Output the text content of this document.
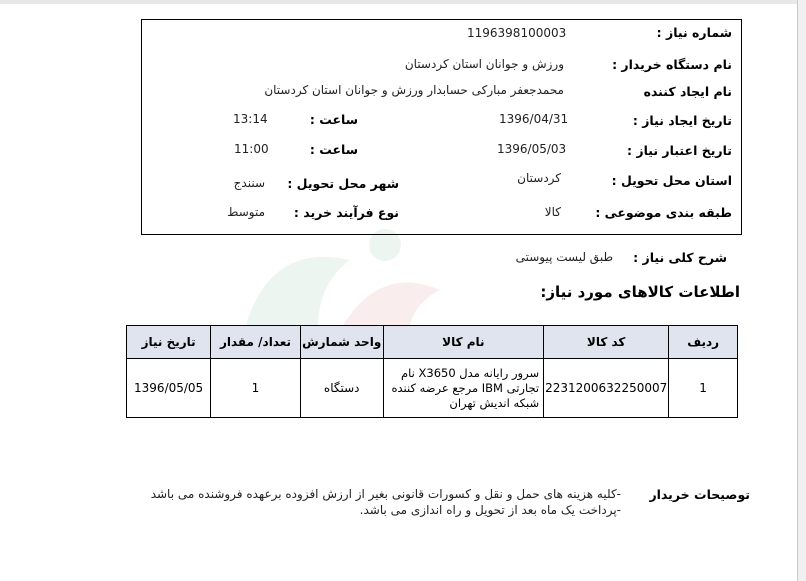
شماره نیاز :
1196398100003
نام دستگاه خریدار :
ورزش و جوانان استان کردستان
نام ایجاد کننده
محمدجعفر مبارکی حسابدار ورزش و جوانان استان کردستان
تاریخ ایجاد نیاز :
1396/04/31
ساعت :
13:14
تاریخ اعتبار نیاز :
1396/05/03
ساعت :
11:00
استان محل تحویل :
کردستان
شهر محل تحویل :
سنندج
طبقه بندی موضوعی :
کالا
نوع فرآیند خرید :
متوسط
شرح کلی نیاز :
طبق لیست پیوستی
اطلاعات کالاهای مورد نیاز:
ردیف	کد کالا	نام کالا	واحد شمارش	تعداد/ مقدار	تاریخ نیاز
1	2231200632250007	سرور رایانه مدل X3650 نام تجارتی IBM مرجع عرضه کننده شبکه اندیش تهران	دستگاه	1	1396/05/05
توصیحات خریدار
-کلیه هزینه های حمل و نقل و کسورات قانونی بغیر از ارزش افزوده برعهده فروشنده می باشد
-پرداخت یک ماه بعد از تحویل و راه اندازی می باشد.
